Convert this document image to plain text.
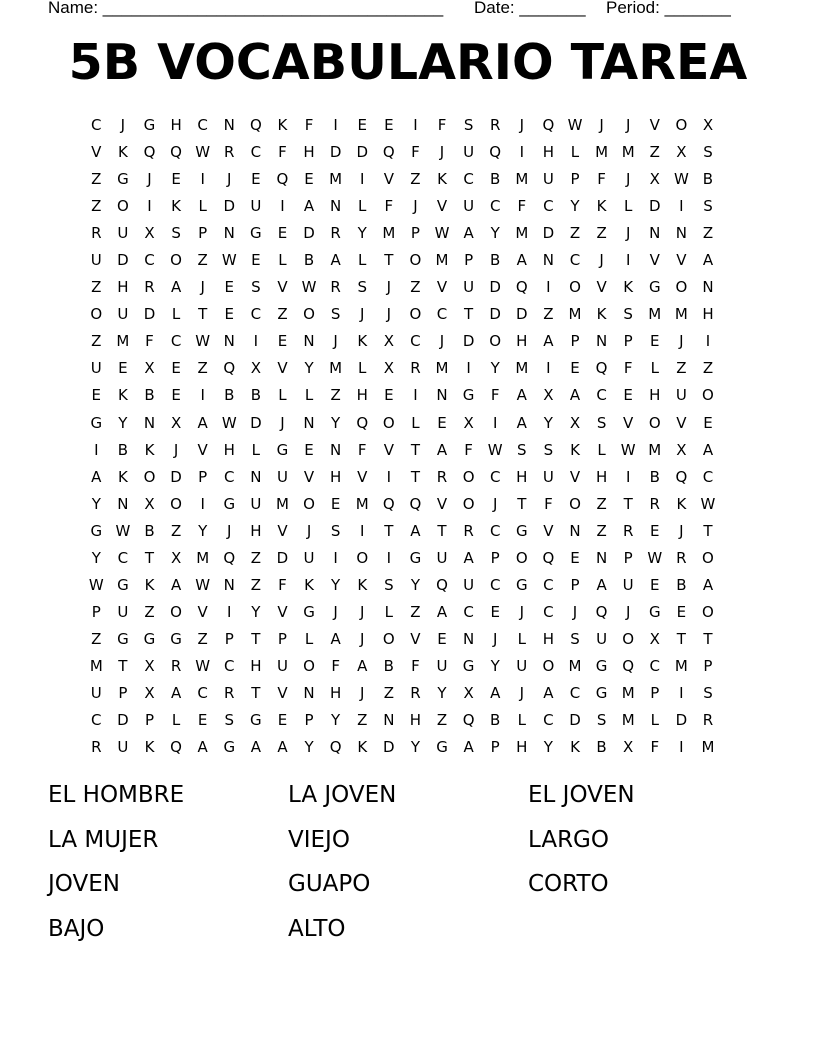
Name: ____________________________________ Date: _______ Period: _______
5B VOCABULARIO TAREA
C	J	G	H	C	N	Q	K	F	I	E	E	I	F	S	R	J	Q W	J	J	V	O	X
V	K	Q Q W R	C	F	H	D	D Q	F	J	U	Q	I	H	L	M M Z	X	S
Z	G	J	E	I	J	E	Q	E	M	I	V	Z	K	C	B M U	P	F	J	X W B
Z	O	I	K	L	D	U	I	A	N	L	F	J	V	U	C	F	C	Y	K	L	D	I	S
R	U	X	S	P	N	G	E	D	R	Y	M	P W A	Y	M D	Z	Z	J	N	N	Z
U	D	C	O	Z W E	L	B	A	L	T	O M	P	B	A	N	C	J	I	V	V	A
Z	H	R	A	J	E	S	V W R	S	J	Z	V	U	D Q	I	O	V	K	G O	N
O	U	D	L	T	E	C	Z	O	S	J	J	O	C	T	D	D	Z M	K	S	M M H
Z M	F	C W N	I	E	N	J	K	X	C	J	D O	H	A	P	N	P	E	J	I
U	E	X	E	Z	Q	X	V	Y	M	L	X	R M	I	Y	M	I	E	Q	F	L	Z	Z
E	K	B	E	I	B	B	L	L	Z	H	E	I	N	G	F	A	X	A	C	E	H	U	O
G	Y	N	X	A W D	J	N	Y	Q O	L	E	X	I	A	Y	X	S	V	O	V	E
I	B	K	J	V	H	L	G	E	N	F	V	T	A	F W S	S	K	L	W M X	A
A	K	O D	P	C	N	U	V	H	V	I	T	R	O	C	H	U	V	H	I	B	Q	C
Y	N	X	O	I	G	U M O	E	M Q Q	V	O	J	T	F	O	Z	T	R	K W
G W B	Z	Y	J	H	V	J	S	I	T	A	T	R	C	G	V	N	Z	R	E	J	T
Y	C	T	X M Q	Z	D	U	I	O	I	G	U	A	P	O Q	E	N	P W R	O
W G	K	A W N	Z	F	K	Y	K	S	Y	Q	U	C	G	C	P	A	U	E	B	A
P	U	Z	O	V	I	Y	V	G	J	J	L	Z	A	C	E	J	C	J	Q	J	G	E	O
Z	G G G	Z	P	T	P	L	A	J	O	V	E	N	J	L	H	S	U	O	X	T	T
M	T	X	R W C	H	U	O	F	A	B	F	U	G	Y	U	O M G Q	C M	P
U	P	X	A	C	R	T	V	N	H	J	Z	R	Y	X	A	J	A	C	G M	P	I	S
C	D	P	L	E	S	G	E	P	Y	Z	N	H	Z	Q	B	L	C	D	S	M	L	D	R
R	U	K	Q	A	G	A	A	Y	Q	K	D	Y	G	A	P	H	Y	K	B	X	F	I	M
EL HOMBRE	LA JOVEN	EL JOVEN
LA MUJER	VIEJO	LARGO
JOVEN	GUAPO	CORTO
BAJO	ALTO
